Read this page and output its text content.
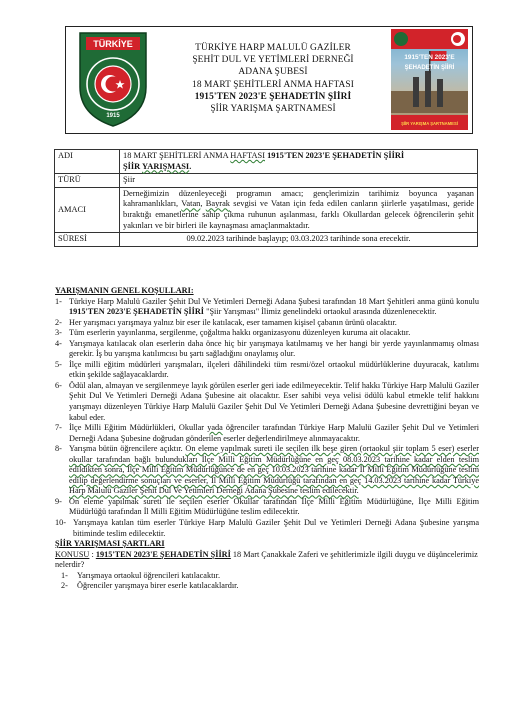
TÜRKİYE
1915
TÜRKİYE HARP MALULÜ GAZİLER
ŞEHİT DUL VE YETİMLERİ DERNEĞİ
ADANA ŞUBESİ
18 MART ŞEHİTLERİ ANMA HAFTASI
1915'TEN 2023'E ŞEHADETİN ŞİİRİ
ŞİİR YARIŞMA ŞARTNAMESİ
1915'TEN 2023'E
ŞEHADETİN ŞİİRİ
ŞİİR YARIŞMA ŞARTNAMESİ
ADI	18 MART ŞEHİTLERİ ANMA HAFTASI 1915'TEN 2023'E ŞEHADETİN ŞİİRİ
ŞİİR YARIŞMASI.
TÜRÜ	Şiir
AMACI	Derneğimizin düzenleyeceği programın amacı; gençlerimizin tarihimiz boyunca yaşanan kahramanlıkları, Vatan, Bayrak sevgisi ve Vatan için feda edilen canların şiirlerle yaşatılması, geride bıraktığı emanetlerine sahip çıkma ruhunun aşılanması, farklı Okullardan gelecek öğrencilerin şehit yakınları ve bir birleri ile kaynaşması amaçlanmaktadır.
SÜRESİ	09.02.2023 tarihinde başlayıp; 03.03.2023 tarihinde sona erecektir.

YARIŞMANIN GENEL KOŞULLARI:

1- Türkiye Harp Malulü Gaziler Şehit Dul Ve Yetimleri Derneği Adana Şubesi tarafından 18 Mart Şehitleri anma günü konulu 1915'TEN 2023'E ŞEHADETİN ŞİİRİ "Şiir Yarışması" İlimiz genelindeki ortaokul arasında düzenlenecektir.
2- Her yarışmacı yarışmaya yalnız bir eser ile katılacak, eser tamamen kişisel çabanın ürünü olacaktır.
3- Tüm eserlerin yayınlanma, sergilenme, çoğaltma hakkı organizasyonu düzenleyen kuruma ait olacaktır.
4- Yarışmaya katılacak olan eserlerin daha önce hiç bir yarışmaya katılmamış ve her hangi bir yerde yayınlanmamış olması gerekir. İş bu yarışma katılımcısı bu şartı sağladığını onaylamış olur.
5- İlçe milli eğitim müdürleri yarışmaları, ilçeleri dâhilindeki tüm resmi/özel ortaokul müdürlüklerine duyuracak, katılımı etkin şekilde sağlayacaklardır.
6- Ödül alan, almayan ve sergilenmeye layık görülen eserler geri iade edilmeyecektir. Telif hakkı Türkiye Harp Malulü Gaziler Şehit Dul Ve Yetimleri Derneği Adana Şubesine ait olacaktır. Eser sahibi veya velisi ödülü kabul etmekle telif hakkını yarışmayı düzenleyen Türkiye Harp Malulü Gaziler Şehit Dul Ve Yetimleri Derneği Adana Şubesine devrettiğini beyan ve kabul eder.
7- İlçe Milli Eğitim Müdürlükleri, Okullar yada öğrenciler tarafından Türkiye Harp Malulü Gaziler Şehit Dul ve Yetimleri Derneği Adana Şubesine doğrudan gönderilen eserler değerlendirilmeye alınmayacaktır.
8- Yarışma bütün öğrencilere açıktır. On eleme yapılmak sureti ile seçilen ilk beşe giren (ortaokul şiir toplam 5 eser) eserler okullar tarafından bağlı bulundukları İlçe Milli Eğitim Müdürlüğüne en geç 08.03.2023 tarihine kadar elden teslim edildikten sonra, İlçe Milli Eğitim Müdürlüğünce de en geç 10.03.2023 tarihine kadar İl Milli Eğitim Müdürlüğüne teslim edilip değerlendirme sonuçları ve eserler, İl Milli Eğitim Müdürlüğü tarafından en geç 14.03.2023 tarihine kadar Türkiye Harp Malulü Gaziler Şehit Dul Ve Yetimleri Derneği Adana Şubesine teslim edilecektir.
9- On eleme yapılmak sureti ile seçilen eserler Okullar tarafından İlçe Milli Eğitim Müdürlüğüne, İlçe Milli Eğitim Müdürlüğü tarafından İl Milli Eğitim Müdürlüğüne teslim edilecektir.
10- Yarışmaya katılan tüm eserler Türkiye Harp Malulü Gaziler Şehit Dul ve Yetimleri Derneği Adana Şubesine yarışma bitiminde teslim edilecektir.

ŞİİR YARIŞMASI ŞARTLARI

KONUSU : 1915'TEN 2023'E ŞEHADETİN ŞİİRİ 18 Mart Çanakkale Zaferi ve şehitlerimizle ilgili duygu ve düşüncelerimiz nelerdir?

1- Yarışmaya ortaokul öğrencileri katılacaktır.
2- Öğrenciler yarışmaya birer eserle katılacaklardır.
